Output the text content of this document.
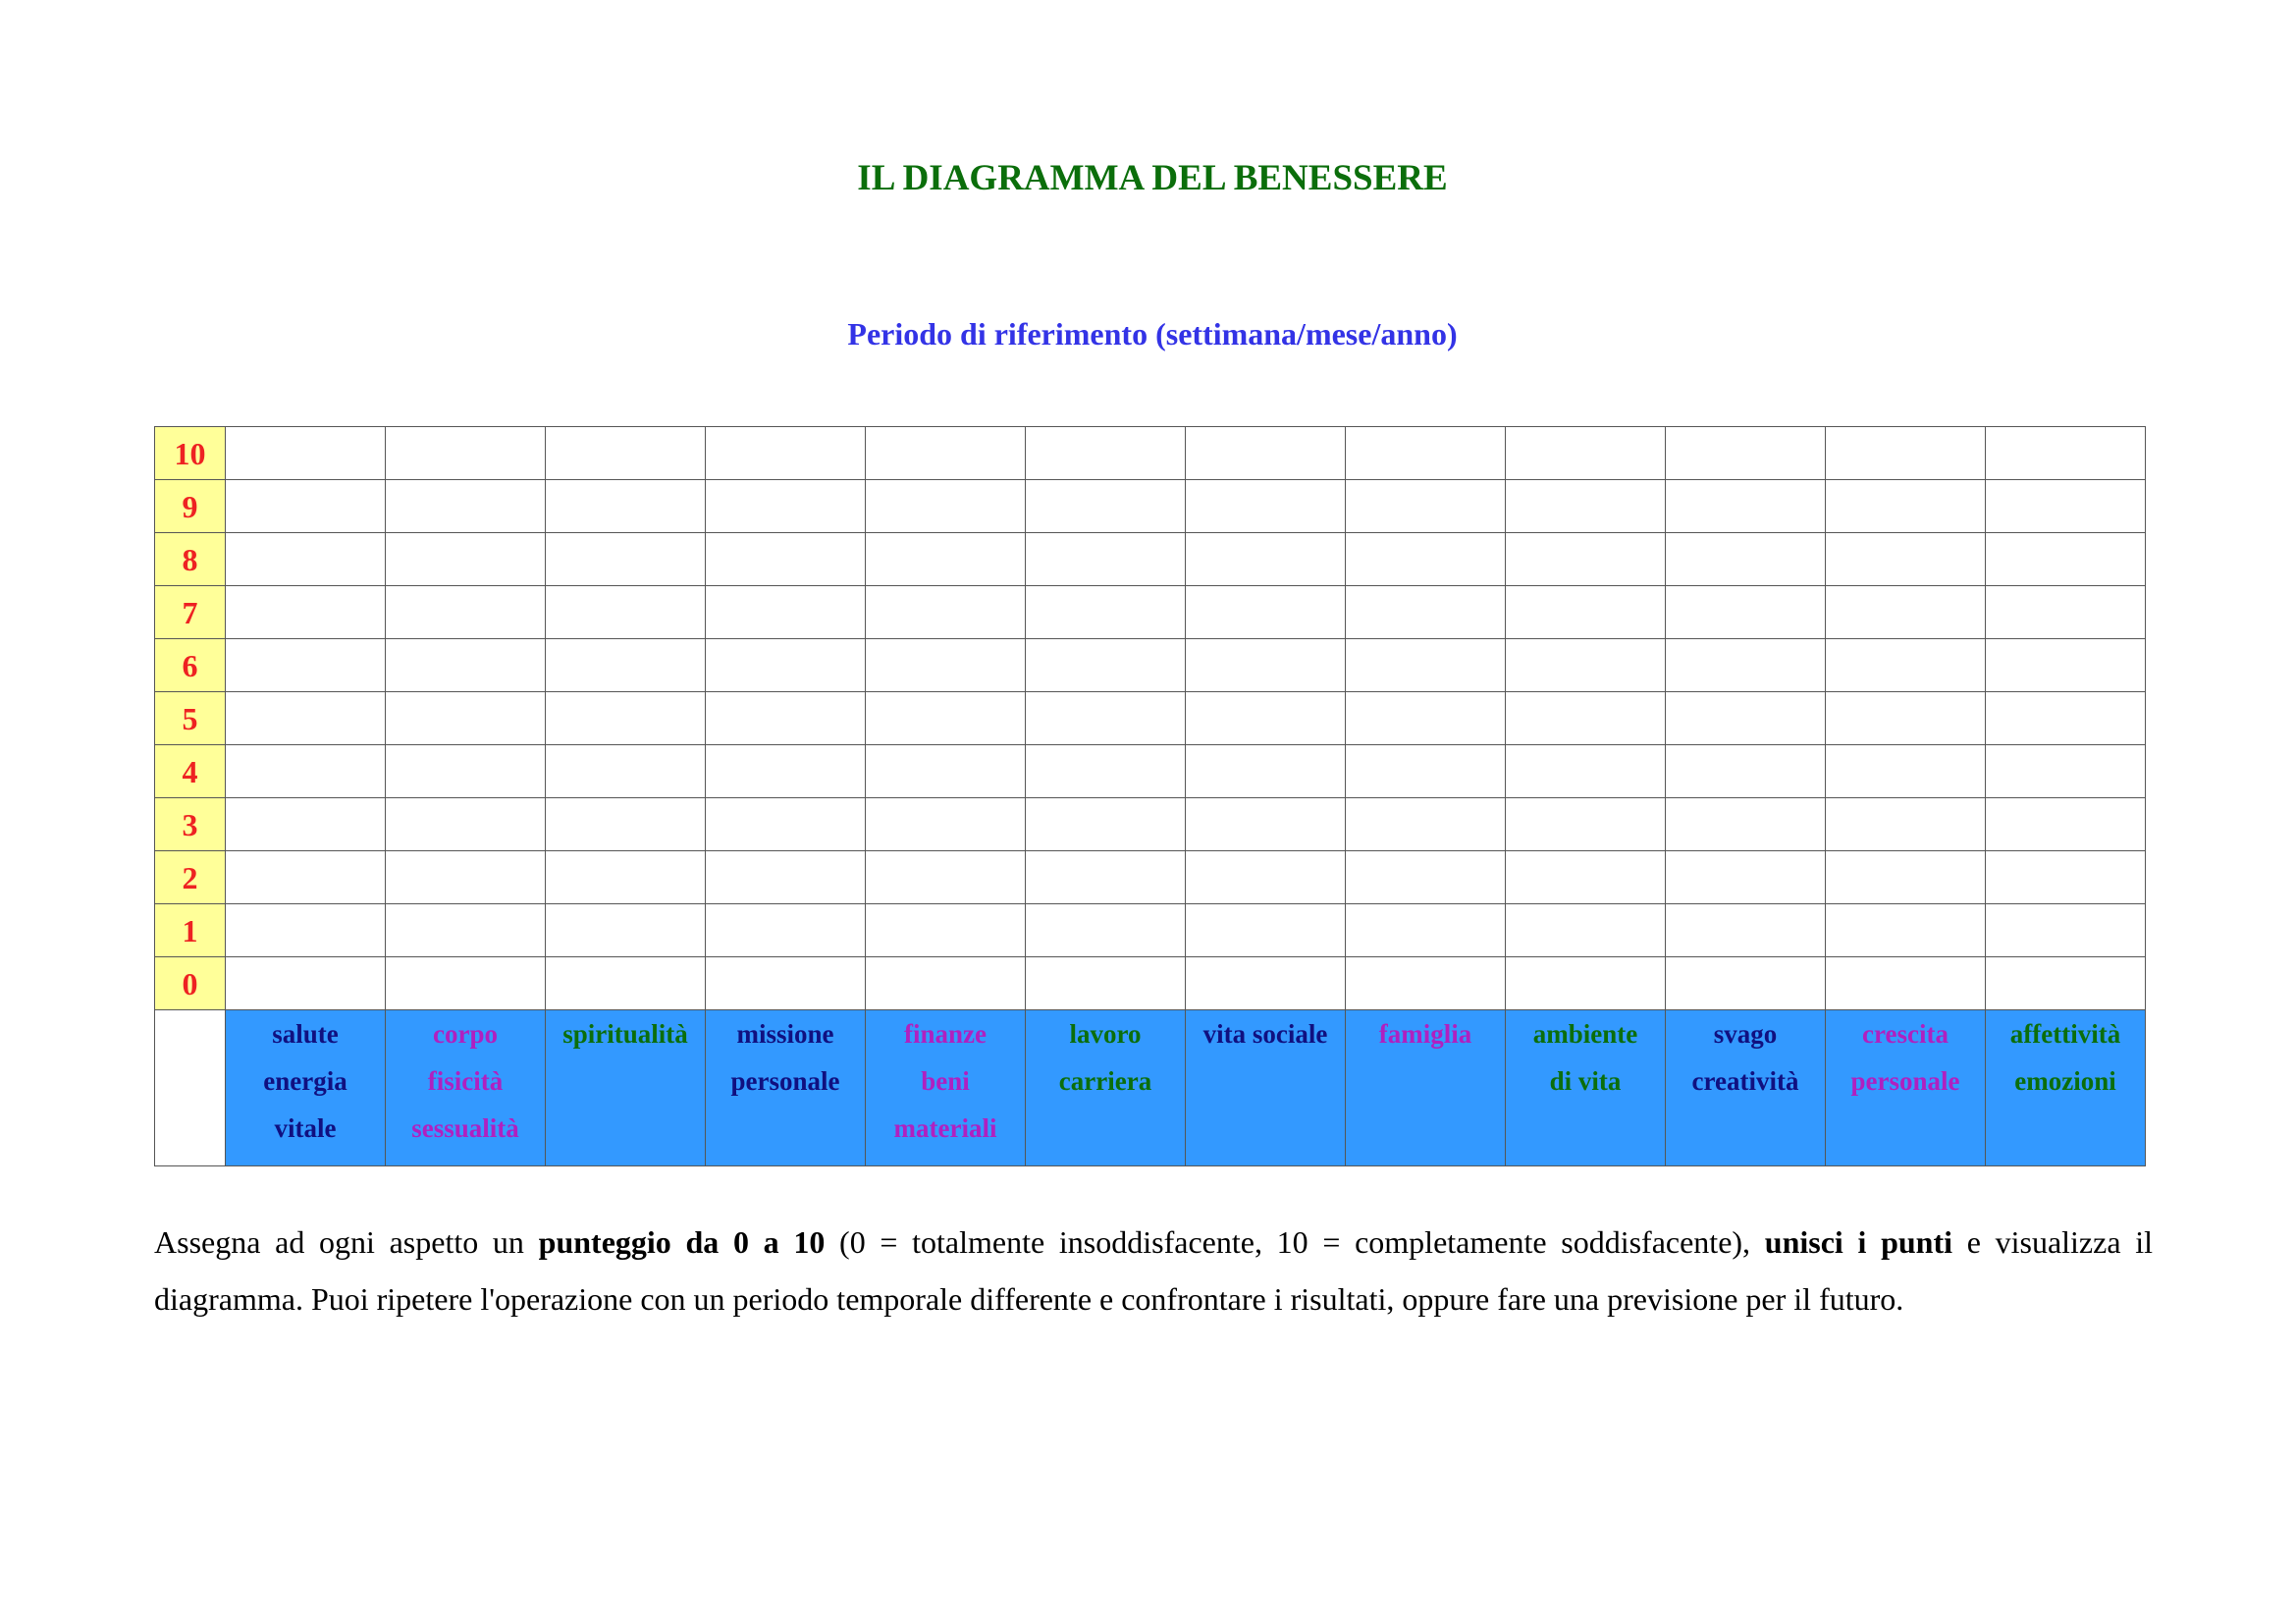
IL DIAGRAMMA DEL BENESSERE
Periodo di riferimento (settimana/mese/anno)
10												
9												
8												
7												
6												
5												
4												
3												
2												
1												
0												

	salute
energia
vitale	corpo
fisicità
sessualità	spiritualità	missione
personale	finanze
beni
materiali	lavoro
carriera	vita sociale	famiglia	ambiente
di vita	svago
creatività	crescita
personale	affettività
emozioni

Assegna ad ogni aspetto un punteggio da 0 a 10 (0 = totalmente insoddisfacente, 10 = completamente soddisfacente), unisci i punti e visualizza il diagramma. Puoi ripetere l'operazione con un periodo temporale differente e confrontare i risultati, oppure fare una previsione per il futuro.
